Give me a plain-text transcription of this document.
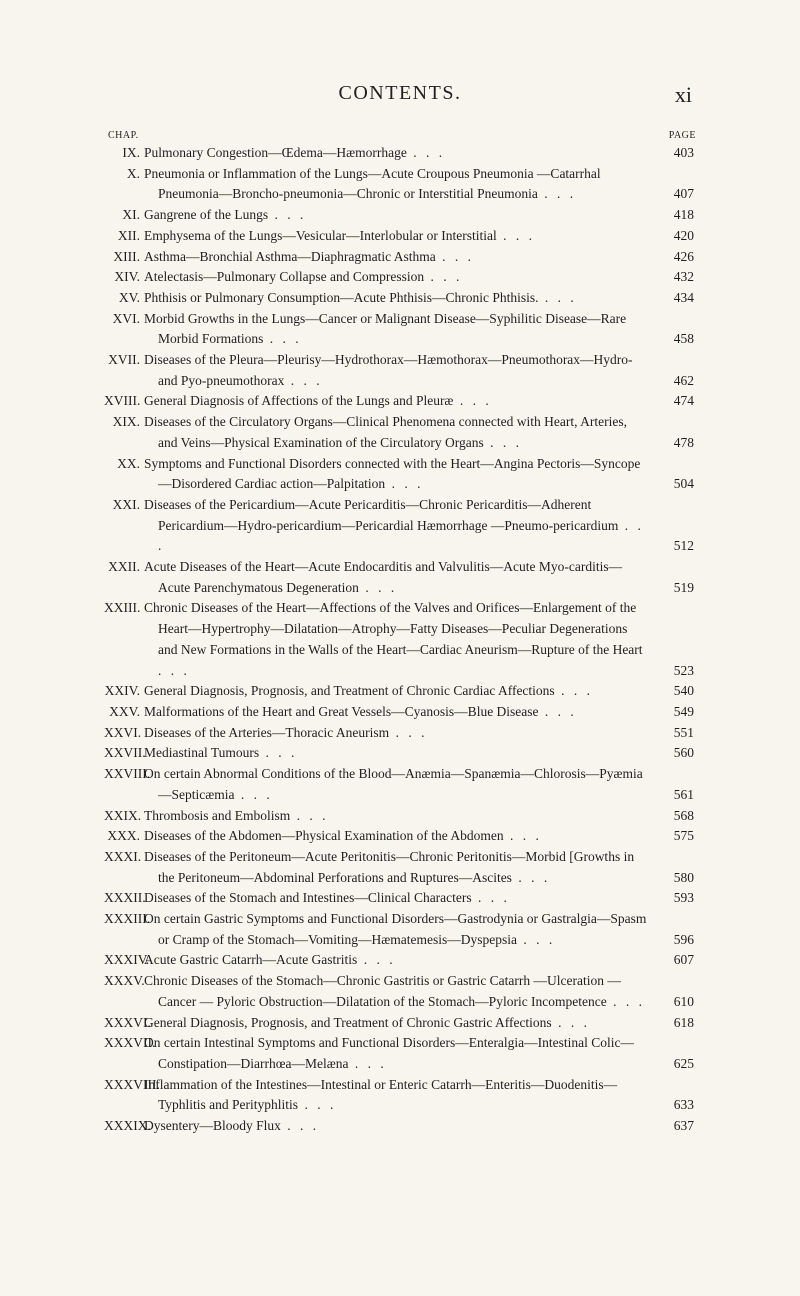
CONTENTS.	xi
CHAP.	PAGE
IX. Pulmonary Congestion—Œdema—Hæmorrhage . . .	403
X. Pneumonia or Inflammation of the Lungs—Acute Croupous Pneumonia —Catarrhal Pneumonia—Broncho-pneumonia—Chronic or Interstitial Pneumonia . . .	407
XI. Gangrene of the Lungs . . .	418
XII. Emphysema of the Lungs—Vesicular—Interlobular or Interstitial . . .	420
XIII. Asthma—Bronchial Asthma—Diaphragmatic Asthma . . .	426
XIV. Atelectasis—Pulmonary Collapse and Compression . . .	432
XV. Phthisis or Pulmonary Consumption—Acute Phthisis—Chronic Phthisis. . . .	434
XVI. Morbid Growths in the Lungs—Cancer or Malignant Disease—Syphilitic Disease—Rare Morbid Formations . . .	458
XVII. Diseases of the Pleura—Pleurisy—Hydrothorax—Hæmothorax—Pneumothorax—Hydro- and Pyo-pneumothorax . . .	462
XVIII. General Diagnosis of Affections of the Lungs and Pleuræ . . .	474
XIX. Diseases of the Circulatory Organs—Clinical Phenomena connected with Heart, Arteries, and Veins—Physical Examination of the Circulatory Organs . . .	478
XX. Symptoms and Functional Disorders connected with the Heart—Angina Pectoris—Syncope—Disordered Cardiac action—Palpitation . . .	504
XXI. Diseases of the Pericardium—Acute Pericarditis—Chronic Pericarditis—Adherent Pericardium—Hydro-pericardium—Pericardial Hæmorrhage —Pneumo-pericardium . . .	512
XXII. Acute Diseases of the Heart—Acute Endocarditis and Valvulitis—Acute Myo-carditis—Acute Parenchymatous Degeneration . . .	519
XXIII. Chronic Diseases of the Heart—Affections of the Valves and Orifices—Enlargement of the Heart—Hypertrophy—Dilatation—Atrophy—Fatty Diseases—Peculiar Degenerations and New Formations in the Walls of the Heart—Cardiac Aneurism—Rupture of the Heart . . .	523
XXIV. General Diagnosis, Prognosis, and Treatment of Chronic Cardiac Affections . . .	540
XXV. Malformations of the Heart and Great Vessels—Cyanosis—Blue Disease . . .	549
XXVI. Diseases of the Arteries—Thoracic Aneurism . . .	551
XXVII.
Mediastinal Tumours . . .	560
XXVIII.
On certain Abnormal Conditions of the Blood—Anæmia—Spanæmia—Chlorosis—Pyæmia—Septicæmia . . .	561
XXIX. Thrombosis and Embolism . . .	568
XXX. Diseases of the Abdomen—Physical Examination of the Abdomen . . .	575
XXXI. Diseases of the Peritoneum—Acute Peritonitis—Chronic Peritonitis—Morbid [Growths in the Peritoneum—Abdominal Perforations and Ruptures—Ascites . . .	580
XXXII.
Diseases of the Stomach and Intestines—Clinical Characters . . .	593
XXXIII.
On certain Gastric Symptoms and Functional Disorders—Gastrodynia or Gastralgia—Spasm or Cramp of the Stomach—Vomiting—Hæmatemesis—Dyspepsia . . .	596
XXXIV.
Acute Gastric Catarrh—Acute Gastritis . . .	607
XXXV. Chronic Diseases of the Stomach—Chronic Gastritis or Gastric Catarrh —Ulceration — Cancer — Pyloric Obstruction—Dilatation of the Stomach—Pyloric Incompetence . . .	610
XXXVI.
General Diagnosis, Prognosis, and Treatment of Chronic Gastric Affections . . .	618
XXXVII.
On certain Intestinal Symptoms and Functional Disorders—Enteralgia—Intestinal Colic—Constipation—Diarrhœa—Melæna . . .	625
XXXVIII.
Inflammation of the Intestines—Intestinal or Enteric Catarrh—Enteritis—Duodenitis—Typhlitis and Perityphlitis . . .	633
XXXIX.
Dysentery—Bloody Flux . . .	637
